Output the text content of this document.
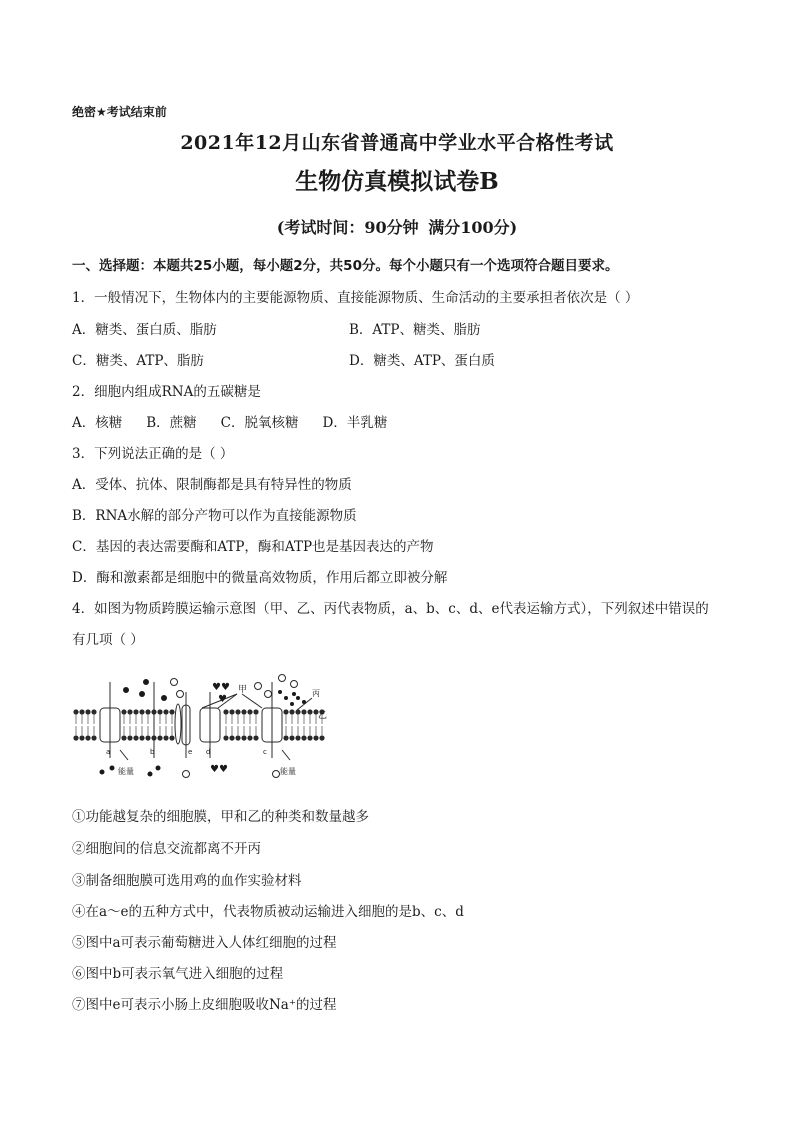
绝密★考试结束前
2021年12月山东省普通高中学业水平合格性考试
生物仿真模拟试卷B
(考试时间：90分钟 满分100分)
一、选择题：本题共25小题，每小题2分，共50分。每个小题只有一个选项符合题目要求。
1．一般情况下，生物体内的主要能源物质、直接能源物质、生命活动的主要承担者依次是（ ）
A．糖类、蛋白质、脂肪	B．ATP、糖类、脂肪
C．糖类、ATP、脂肪	D．糖类、ATP、蛋白质
2．细胞内组成RNA的五碳糖是
A．核糖 B．蔗糖 C．脱氧核糖 D．半乳糖
3．下列说法正确的是（ ）
A．受体、抗体、限制酶都是具有特异性的物质
B．RNA水解的部分产物可以作为直接能源物质
C．基因的表达需要酶和ATP，酶和ATP也是基因表达的产物
D．酶和激素都是细胞中的微量高效物质，作用后都立即被分解
4．如图为物质跨膜运输示意图（甲、乙、丙代表物质，a、b、c、d、e代表运输方式），下列叙述中错误的
有几项（ ）
♥♥
♥♥
♥
a	b	e d	c
甲	丙
乙
能量	能量
①功能越复杂的细胞膜，甲和乙的种类和数量越多
②细胞间的信息交流都离不开丙
③制备细胞膜可选用鸡的血作实验材料
④在a～e的五种方式中，代表物质被动运输进入细胞的是b、c、d
⑤图中a可表示葡萄糖进入人体红细胞的过程
⑥图中b可表示氧气进入细胞的过程
⑦图中e可表示小肠上皮细胞吸收Na⁺的过程
